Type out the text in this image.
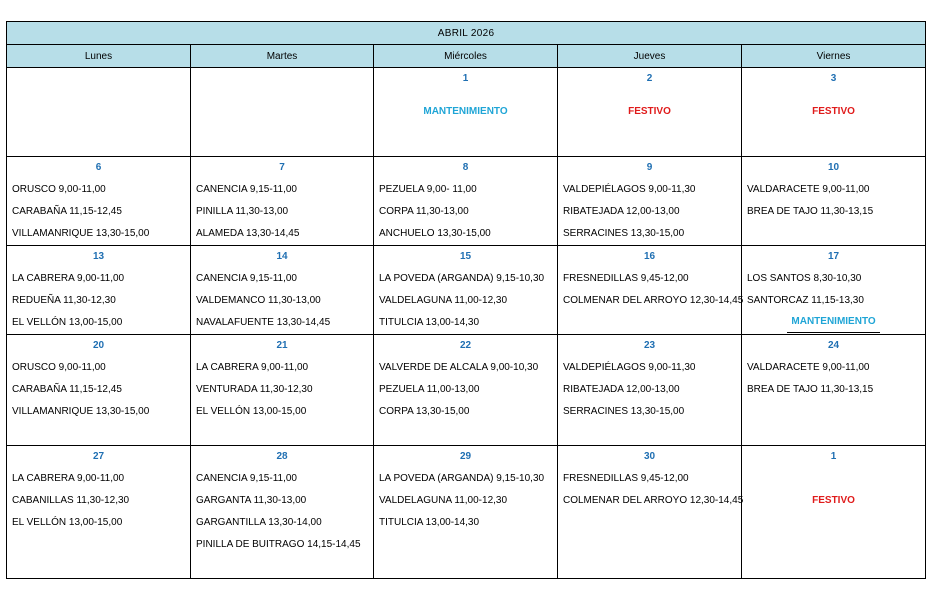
ABRIL 2026				
Lunes	Martes	Miércoles	Jueves	Viernes

		1
MANTENIMIENTO	2
FESTIVO	3
FESTIVO

6
ORUSCO 9,00-11,00
CARABAÑA 11,15-12,45
VILLAMANRIQUE 13,30-15,00	7
CANENCIA 9,15-11,00
PINILLA 11,30-13,00
ALAMEDA 13,30-14,45	8
PEZUELA 9,00- 11,00
CORPA 11,30-13,00
ANCHUELO 13,30-15,00	9
VALDEPIÉLAGOS 9,00-11,30
RIBATEJADA 12,00-13,00
SERRACINES 13,30-15,00	10
VALDARACETE 9,00-11,00
BREA DE TAJO 11,30-13,15

13
LA CABRERA 9,00-11,00
REDUEÑA 11,30-12,30
EL VELLÓN 13,00-15,00	14
CANENCIA 9,15-11,00
VALDEMANCO 11,30-13,00
NAVALAFUENTE 13,30-14,45	15
LA POVEDA (ARGANDA) 9,15-10,30
VALDELAGUNA 11,00-12,30
TITULCIA 13,00-14,30	16
FRESNEDILLAS 9,45-12,00
COLMENAR DEL ARROYO 12,30-14,45	17
LOS SANTOS 8,30-10,30
SANTORCAZ 11,15-13,30
MANTENIMIENTO

20
ORUSCO 9,00-11,00
CARABAÑA 11,15-12,45
VILLAMANRIQUE 13,30-15,00	21
LA CABRERA 9,00-11,00
VENTURADA 11,30-12,30
EL VELLÓN 13,00-15,00	22
VALVERDE DE ALCALA 9,00-10,30
PEZUELA 11,00-13,00
CORPA 13,30-15,00	23
VALDEPIÉLAGOS 9,00-11,30
RIBATEJADA 12,00-13,00
SERRACINES 13,30-15,00	24
VALDARACETE 9,00-11,00
BREA DE TAJO 11,30-13,15

27
LA CABRERA 9,00-11,00
CABANILLAS 11,30-12,30
EL VELLÓN 13,00-15,00	28
CANENCIA 9,15-11,00
GARGANTA 11,30-13,00
GARGANTILLA 13,30-14,00
PINILLA DE BUITRAGO 14,15-14,45	29
LA POVEDA (ARGANDA) 9,15-10,30
VALDELAGUNA 11,00-12,30
TITULCIA 13,00-14,30	30
FRESNEDILLAS 9,45-12,00
COLMENAR DEL ARROYO 12,30-14,45	1
FESTIVO
